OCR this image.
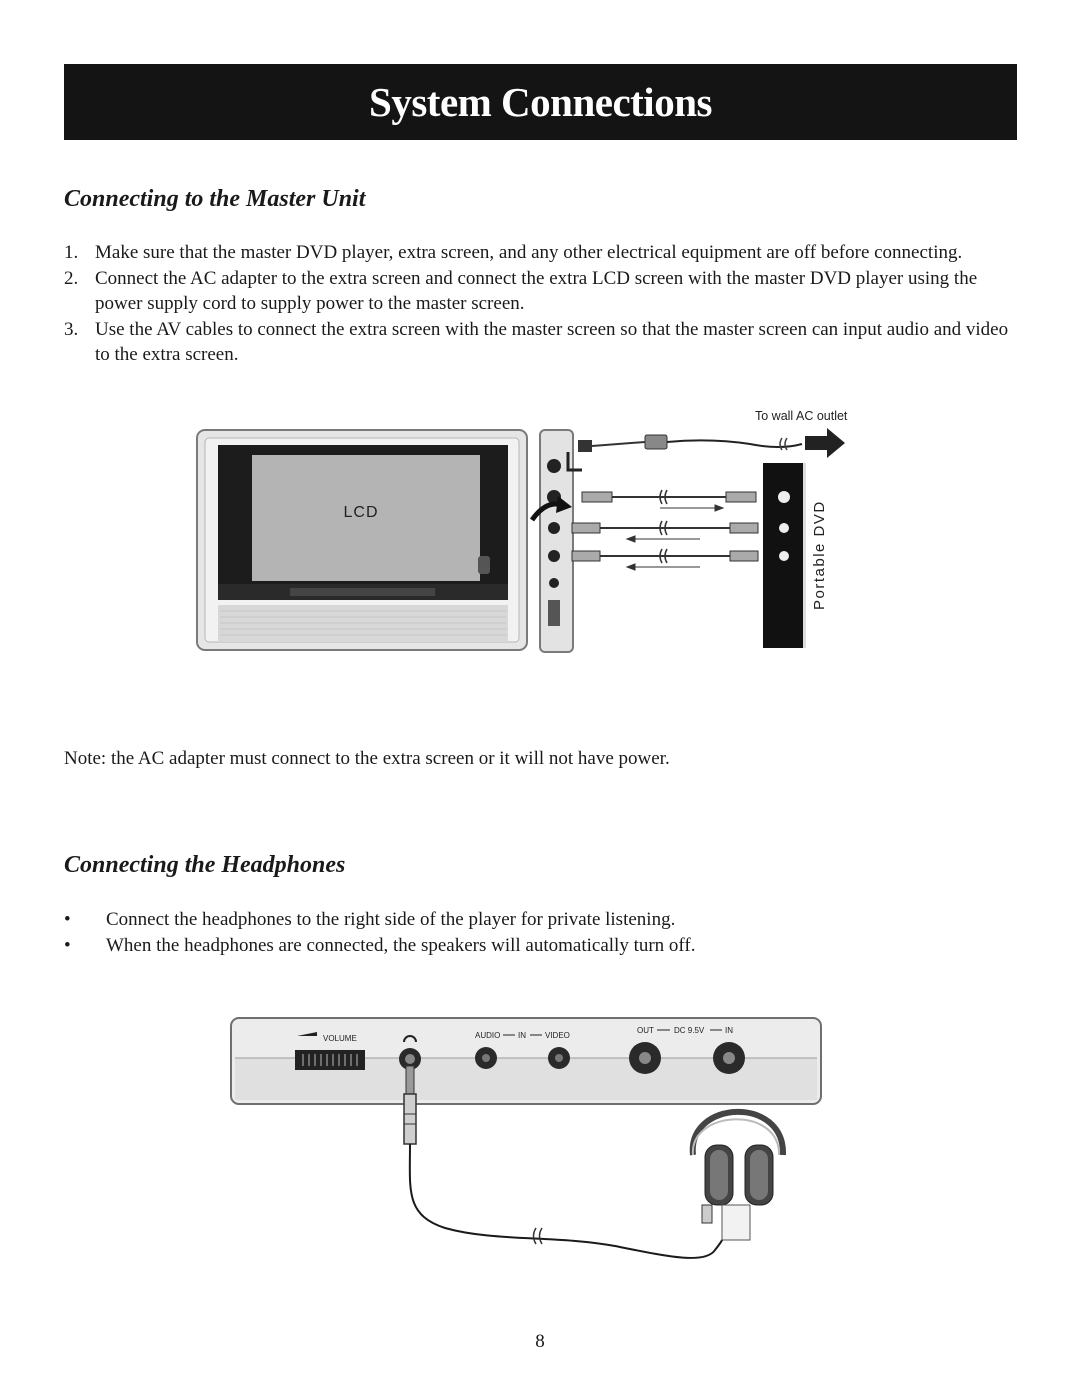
System Connections
Connecting to the Master Unit
1. Make sure that the master DVD player, extra screen, and any other electrical equipment are off before connecting.
2. Connect the AC adapter to the extra screen and connect the extra LCD screen with the master DVD player using the power supply cord to supply power to the master screen.
3. Use the AV cables to connect the extra screen with the master screen so that the master screen can input audio and video to the extra screen.
LCD
To wall AC outlet
Portable DVD

Note: the AC adapter must connect to the extra screen or it will not have power.

Connecting the Headphones
• Connect the headphones to the right side of the player for private listening.
• When the headphones are connected, the speakers will automatically turn off.
VOLUME	AUDIO IN VIDEO
OUT	DC 9.5V	IN
8
